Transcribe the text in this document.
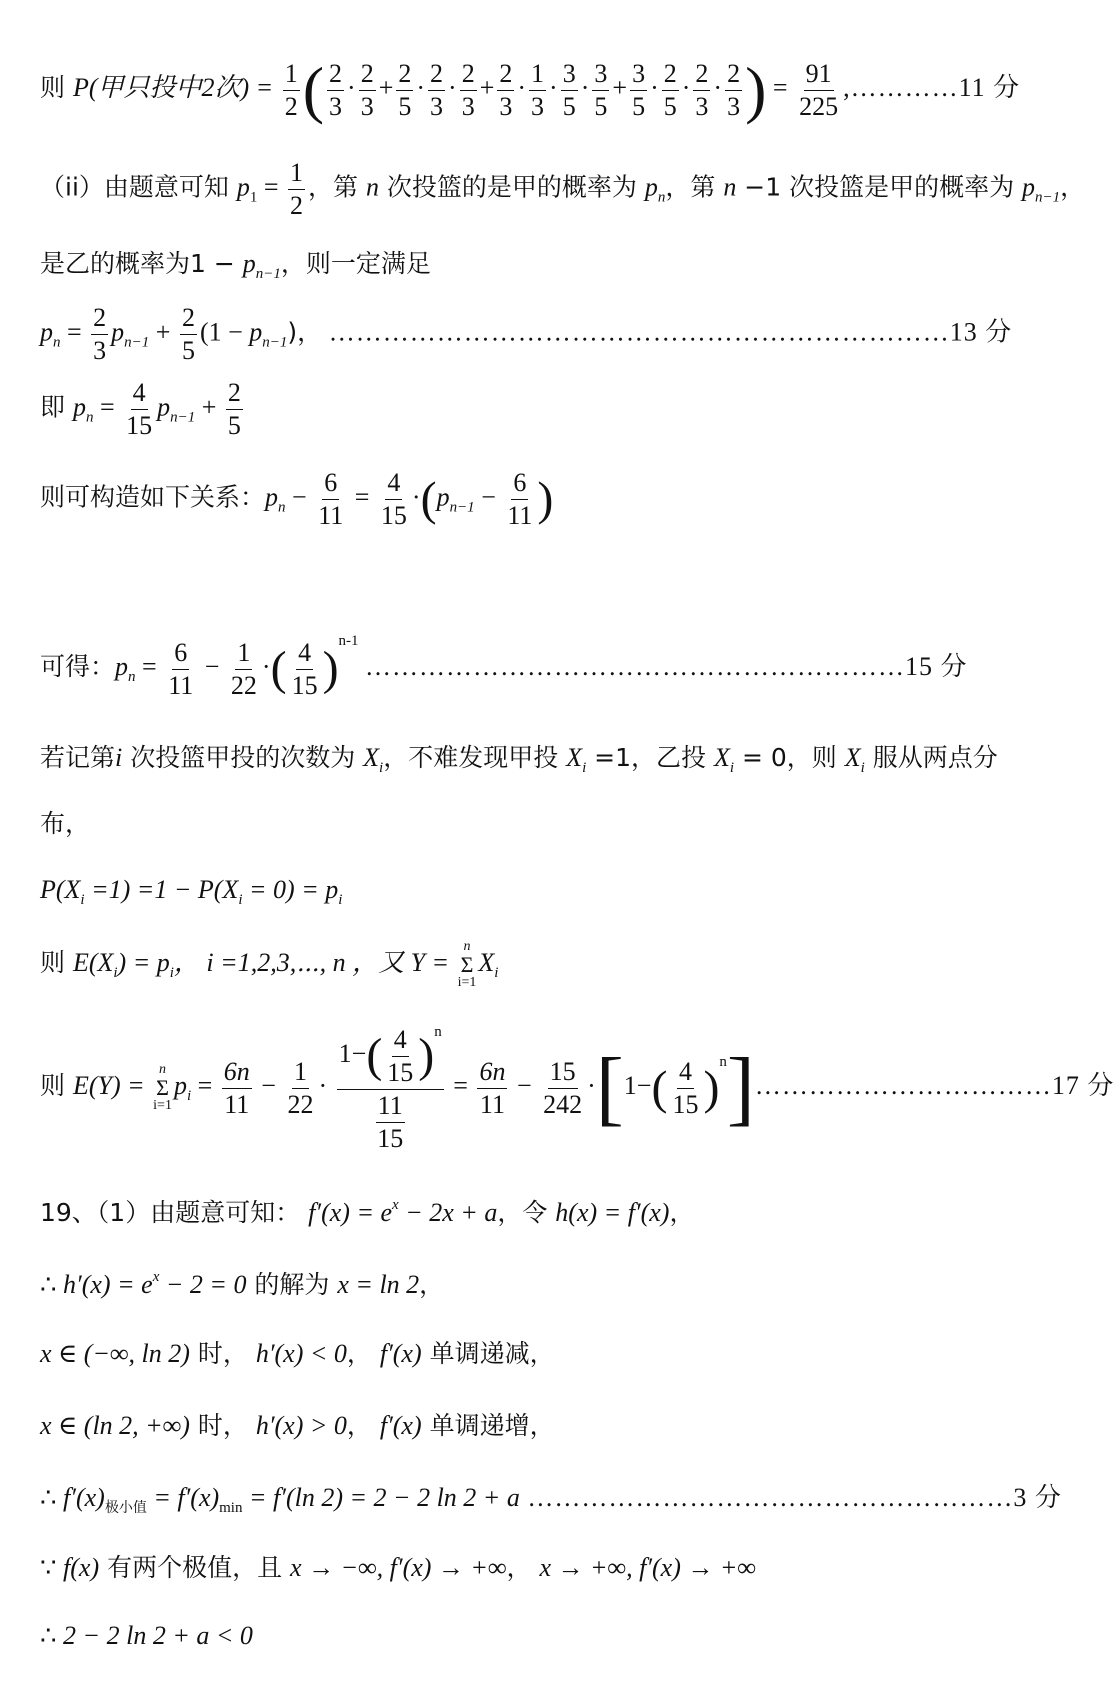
则 P(甲只投中2次) = $\frac{1}{2}$ ( $\frac{2}{3} \cdot \frac{2}{3} + \frac{2}{5} \cdot \frac{2}{3} \cdot \frac{2}{3} + \frac{2}{3} \cdot \frac{1}{3} \cdot \frac{3}{5} \cdot \frac{3}{5} + \frac{3}{5} \cdot \frac{2}{5} \cdot \frac{2}{3} \cdot \frac{2}{3}$ ) = $\frac{91}{225}$ ,…………11 分
（ii）由题意可知 $p_1 = \frac{1}{2}$ ，第 n 次投篮的是甲的概率为 $p_n$，第 n −1 次投篮是甲的概率为 $p_{n-1}$，
是乙的概率为$1 - p_{n-1}$，则一定满足
$p_n = \frac{2}{3} p_{n-1} + \frac{2}{5} (1 - p_{n-1})$， ……………………………………………………………13 分
即 $p_n = \frac{4}{15} p_{n-1} + \frac{2}{5}$
则可构造如下关系：$p_n - \frac{6}{11} = \frac{4}{15} \cdot(p_{n-1} - \frac{6}{11}$ )
可得：$p_n = \frac{6}{11} - \frac{1}{22}$ ·( $\frac{4}{15} )^{n-1}$ ……………………………………………………15 分
若记第i 次投篮甲投的次数为 $X_i$，不难发现甲投 $X_i =1$，乙投 $X_i = 0$，则 $X_i$ 服从两点分
布，
$P(X_i =1) =1 - P(X_i = 0) = p_i$
则 $E(X_i) = p_i$， i =1,2,3,⋯, n ，又 Y =
n
Σ
i=1
$X_i$
则 E(Y) =
n
Σ
i=1
$p_i = \frac{6n}{11} - \frac{1}{22} \cdot \frac{1-( \frac{4}{15} )^n}{\frac{11}{15}} = \frac{6n}{11} - \frac{15}{242} \cdot[1-( \frac{4}{15}$ )$^n]\dots\dots\dots\dots\dots\dots\dots\dots\dots\dots\dots 17$ 分
19、（1）由题意可知： $f'(x) = e^x - 2x + a$，令 h(x) = f′(x)，
∴ $h'(x) = e^x - 2 = 0$ 的解为 x = ln 2，
x ∈ (−∞, ln 2) 时， h′(x) < 0， f′(x) 单调递减，
x ∈ (ln 2, +∞) 时， h′(x) > 0， f′(x) 单调递增，
∴ $f'(x)_{极小值} = f'(x)_{min} = f'(\ln$ 2) = 2 − 2 ln 2 + a ………………………………………………3 分
∵ f(x) 有两个极值，且 x → −∞, f′(x) → +∞， x → +∞, f′(x) → +∞
∴ 2 − 2 ln 2 + a < 0
